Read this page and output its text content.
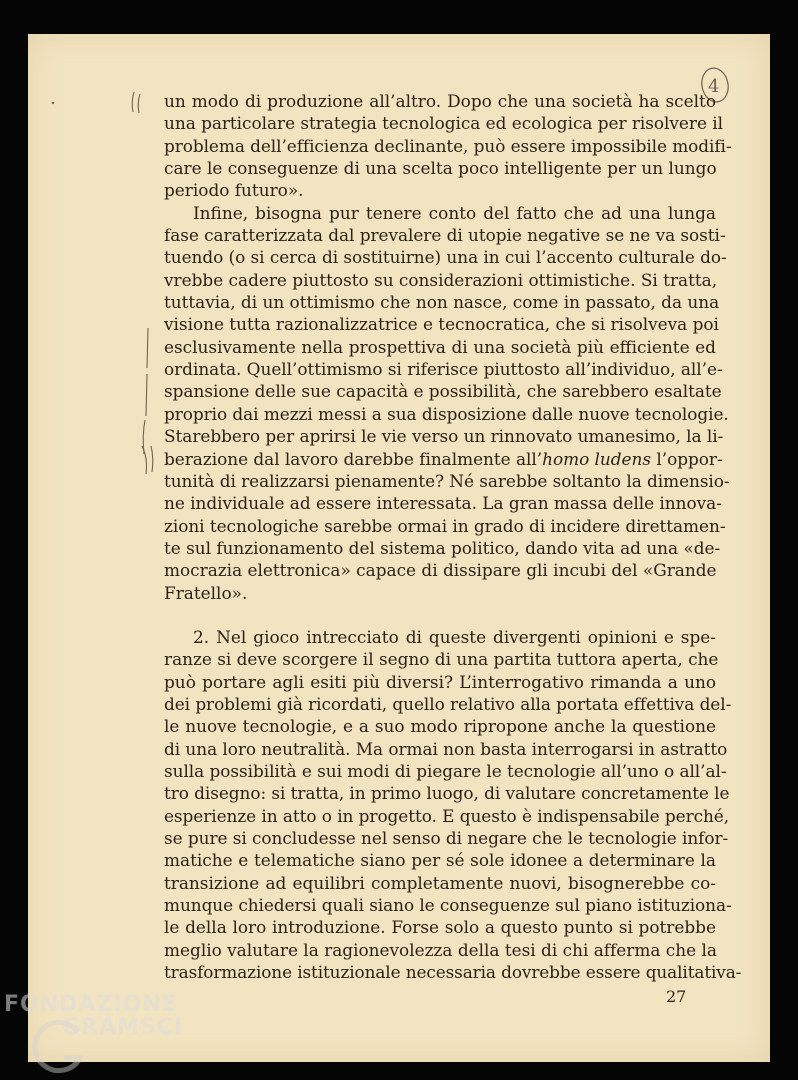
4

un modo di produzione all’altro. Dopo che una società ha scelto
una particolare strategia tecnologica ed ecologica per risolvere il
problema dell’efficienza declinante, può essere impossibile modifi-
care le conseguenze di una scelta poco intelligente per un lungo
periodo futuro».

Infine, bisogna pur tenere conto del fatto che ad una lunga
fase caratterizzata dal prevalere di utopie negative se ne va sosti-
tuendo (o si cerca di sostituirne) una in cui l’accento culturale do-
vrebbe cadere piuttosto su considerazioni ottimistiche. Si tratta,
tuttavia, di un ottimismo che non nasce, come in passato, da una
visione tutta razionalizzatrice e tecnocratica, che si risolveva poi
esclusivamente nella prospettiva di una società più efficiente ed
ordinata. Quell’ottimismo si riferisce piuttosto all’individuo, all’e-
spansione delle sue capacità e possibilità, che sarebbero esaltate
proprio dai mezzi messi a sua disposizione dalle nuove tecnologie.
Starebbero per aprirsi le vie verso un rinnovato umanesimo, la li-
berazione dal lavoro darebbe finalmente all’homo ludens l’oppor-
tunità di realizzarsi pienamente? Né sarebbe soltanto la dimensio-
ne individuale ad essere interessata. La gran massa delle innova-
zioni tecnologiche sarebbe ormai in grado di incidere direttamen-
te sul funzionamento del sistema politico, dando vita ad una «de-
mocrazia elettronica» capace di dissipare gli incubi del «Grande
Fratello».

2. Nel gioco intrecciato di queste divergenti opinioni e spe-
ranze si deve scorgere il segno di una partita tuttora aperta, che
può portare agli esiti più diversi? L’interrogativo rimanda a uno
dei problemi già ricordati, quello relativo alla portata effettiva del-
le nuove tecnologie, e a suo modo ripropone anche la questione
di una loro neutralità. Ma ormai non basta interrogarsi in astratto
sulla possibilità e sui modi di piegare le tecnologie all’uno o all’al-
tro disegno: si tratta, in primo luogo, di valutare concretamente le
esperienze in atto o in progetto. E questo è indispensabile perché,
se pure si concludesse nel senso di negare che le tecnologie infor-
matiche e telematiche siano per sé sole idonee a determinare la
transizione ad equilibri completamente nuovi, bisognerebbe co-
munque chiedersi quali siano le conseguenze sul piano istituziona-
le della loro introduzione. Forse solo a questo punto si potrebbe
meglio valutare la ragionevolezza della tesi di chi afferma che la
trasformazione istituzionale necessaria dovrebbe essere qualitativa-

27
FONDAZIONE
GRAMSCI
